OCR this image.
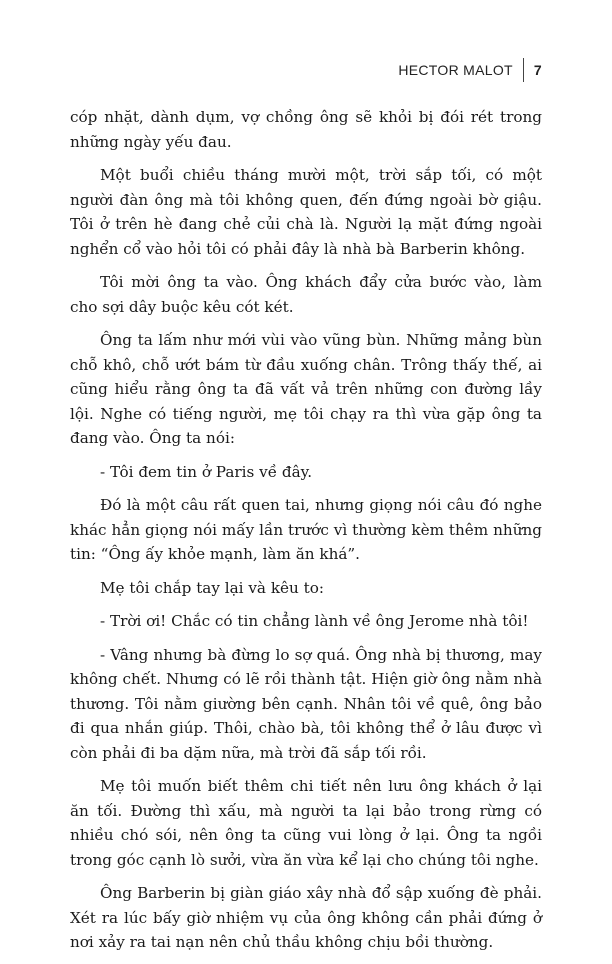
HECTOR MALOT	7

cóp nhặt, dành dụm, vợ chồng ông sẽ khỏi bị đói rét trong những ngày yếu đau.

Một buổi chiều tháng mười một, trời sắp tối, có một người đàn ông mà tôi không quen, đến đứng ngoài bờ giậu. Tôi ở trên hè đang chẻ củi chà là. Người lạ mặt đứng ngoài nghển cổ vào hỏi tôi có phải đây là nhà bà Barberin không.

Tôi mời ông ta vào. Ông khách đẩy cửa bước vào, làm cho sợi dây buộc kêu cót két.

Ông ta lấm như mới vùi vào vũng bùn. Những mảng bùn chỗ khô, chỗ ướt bám từ đầu xuống chân. Trông thấy thế, ai cũng hiểu rằng ông ta đã vất vả trên những con đường lầy lội. Nghe có tiếng người, mẹ tôi chạy ra thì vừa gặp ông ta đang vào. Ông ta nói:

- Tôi đem tin ở Paris về đây.

Đó là một câu rất quen tai, nhưng giọng nói câu đó nghe khác hẳn giọng nói mấy lần trước vì thường kèm thêm những tin: “Ông ấy khỏe mạnh, làm ăn khá”.

Mẹ tôi chắp tay lại và kêu to:

- Trời ơi! Chắc có tin chẳng lành về ông Jerome nhà tôi!

- Vâng nhưng bà đừng lo sợ quá. Ông nhà bị thương, may không chết. Nhưng có lẽ rồi thành tật. Hiện giờ ông nằm nhà thương. Tôi nằm giường bên cạnh. Nhân tôi về quê, ông bảo đi qua nhắn giúp. Thôi, chào bà, tôi không thể ở lâu được vì còn phải đi ba dặm nữa, mà trời đã sắp tối rồi.

Mẹ tôi muốn biết thêm chi tiết nên lưu ông khách ở lại ăn tối. Đường thì xấu, mà người ta lại bảo trong rừng có nhiều chó sói, nên ông ta cũng vui lòng ở lại. Ông ta ngồi trong góc cạnh lò sưởi, vừa ăn vừa kể lại cho chúng tôi nghe.

Ông Barberin bị giàn giáo xây nhà đổ sập xuống đè phải. Xét ra lúc bấy giờ nhiệm vụ của ông không cần phải đứng ở nơi xảy ra tai nạn nên chủ thầu không chịu bồi thường.
